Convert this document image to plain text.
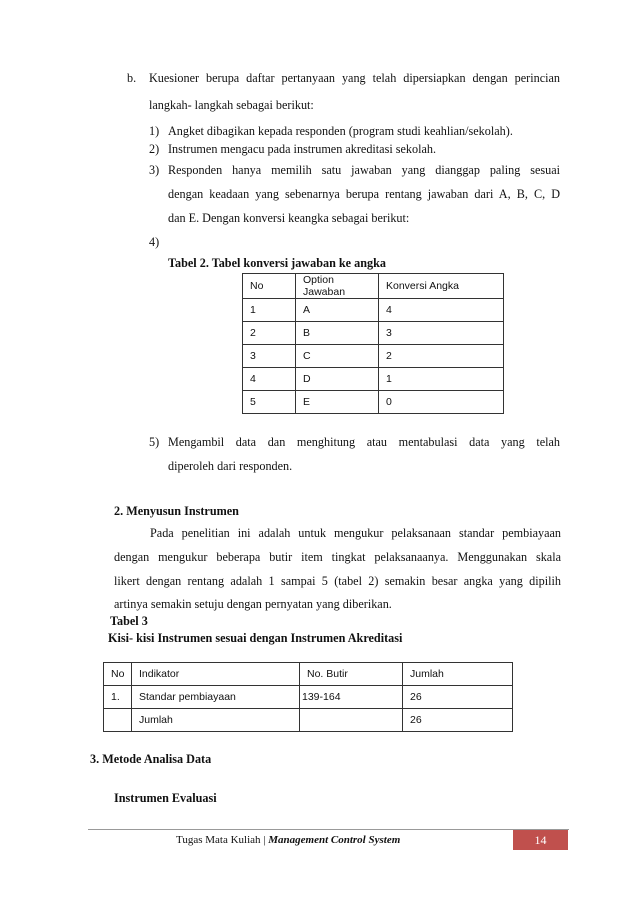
b. Kuesioner berupa daftar pertanyaan yang telah dipersiapkan dengan perincian
langkah- langkah sebagai berikut:
1) Angket dibagikan kepada responden (program studi keahlian/sekolah).
2) Instrumen mengacu pada instrumen akreditasi sekolah.
3) Responden hanya memilih satu jawaban yang dianggap paling sesuai
dengan keadaan yang sebenarnya berupa rentang jawaban dari A, B, C, D
dan E. Dengan konversi keangka sebagai berikut:
4)
Tabel 2. Tabel konversi jawaban ke angka
No	Option Jawaban	Konversi Angka
1	A	4
2	B	3
3	C	2
4	D	1
5	E	0
5) Mengambil data dan menghitung atau mentabulasi data yang telah
diperoleh dari responden.
2. Menyusun Instrumen
Pada penelitian ini adalah untuk mengukur pelaksanaan standar pembiayaan
dengan mengukur beberapa butir item tingkat pelaksanaanya. Menggunakan skala
likert dengan rentang adalah 1 sampai 5 (tabel 2) semakin besar angka yang dipilih
artinya semakin setuju dengan pernyatan yang diberikan.
Tabel 3
Kisi- kisi Instrumen sesuai dengan Instrumen Akreditasi
No	Indikator	No. Butir	Jumlah
1.	Standar pembiayaan	139-164	26
	Jumlah		26
3. Metode Analisa Data
Instrumen Evaluasi
Tugas Mata Kuliah | Management Control System	14
